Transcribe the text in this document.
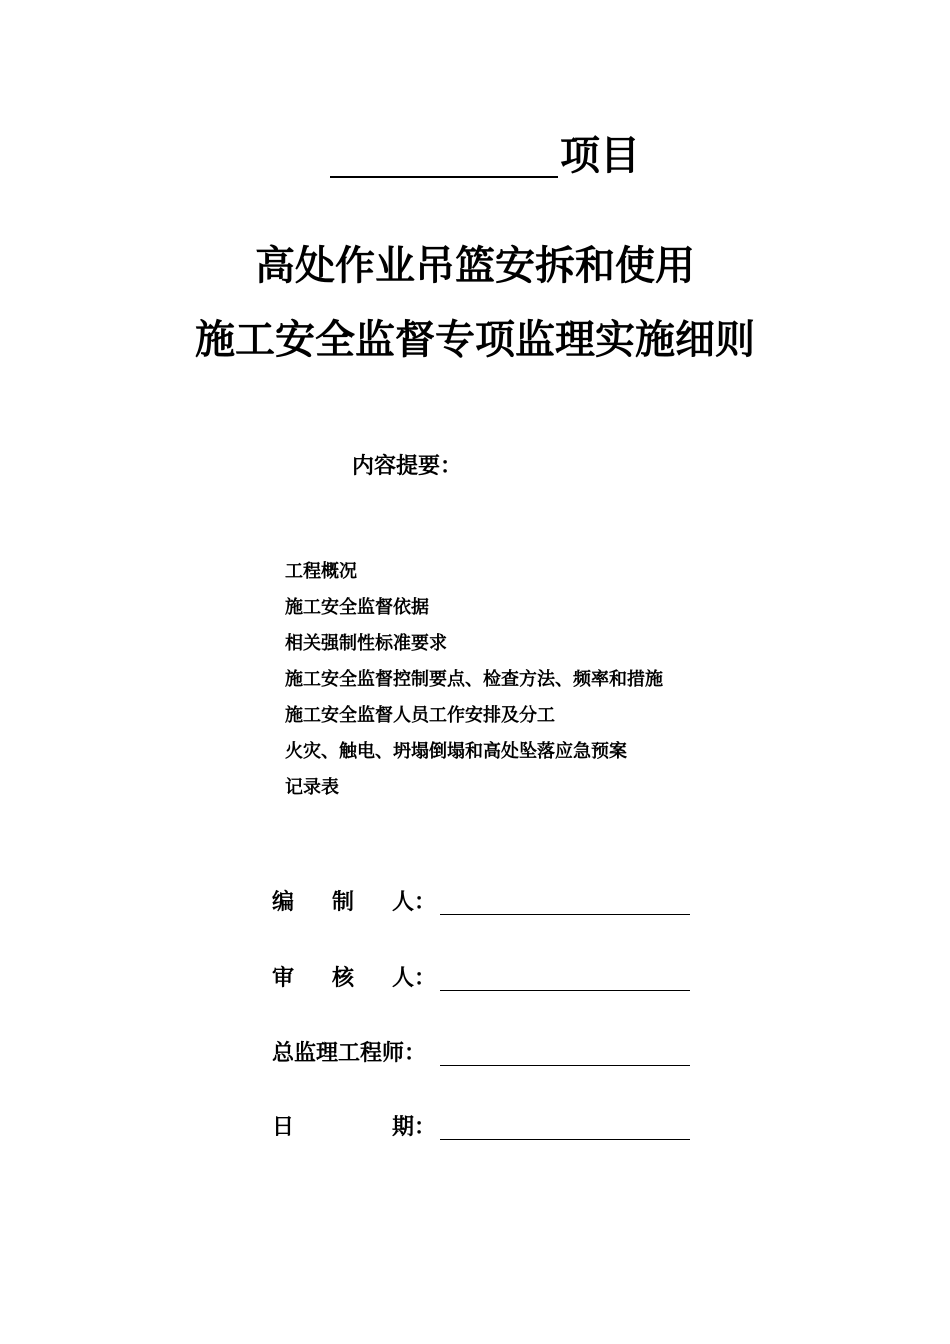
项目
高处作业吊篮安拆和使用
施工安全监督专项监理实施细则
内容提要：
工程概况
施工安全监督依据
相关强制性标准要求
施工安全监督控制要点、检查方法、频率和措施
施工安全监督人员工作安排及分工
火灾、触电、坍塌倒塌和高处坠落应急预案
记录表
编 制 人：
审 核 人：
总监理工程师：
日	期：
